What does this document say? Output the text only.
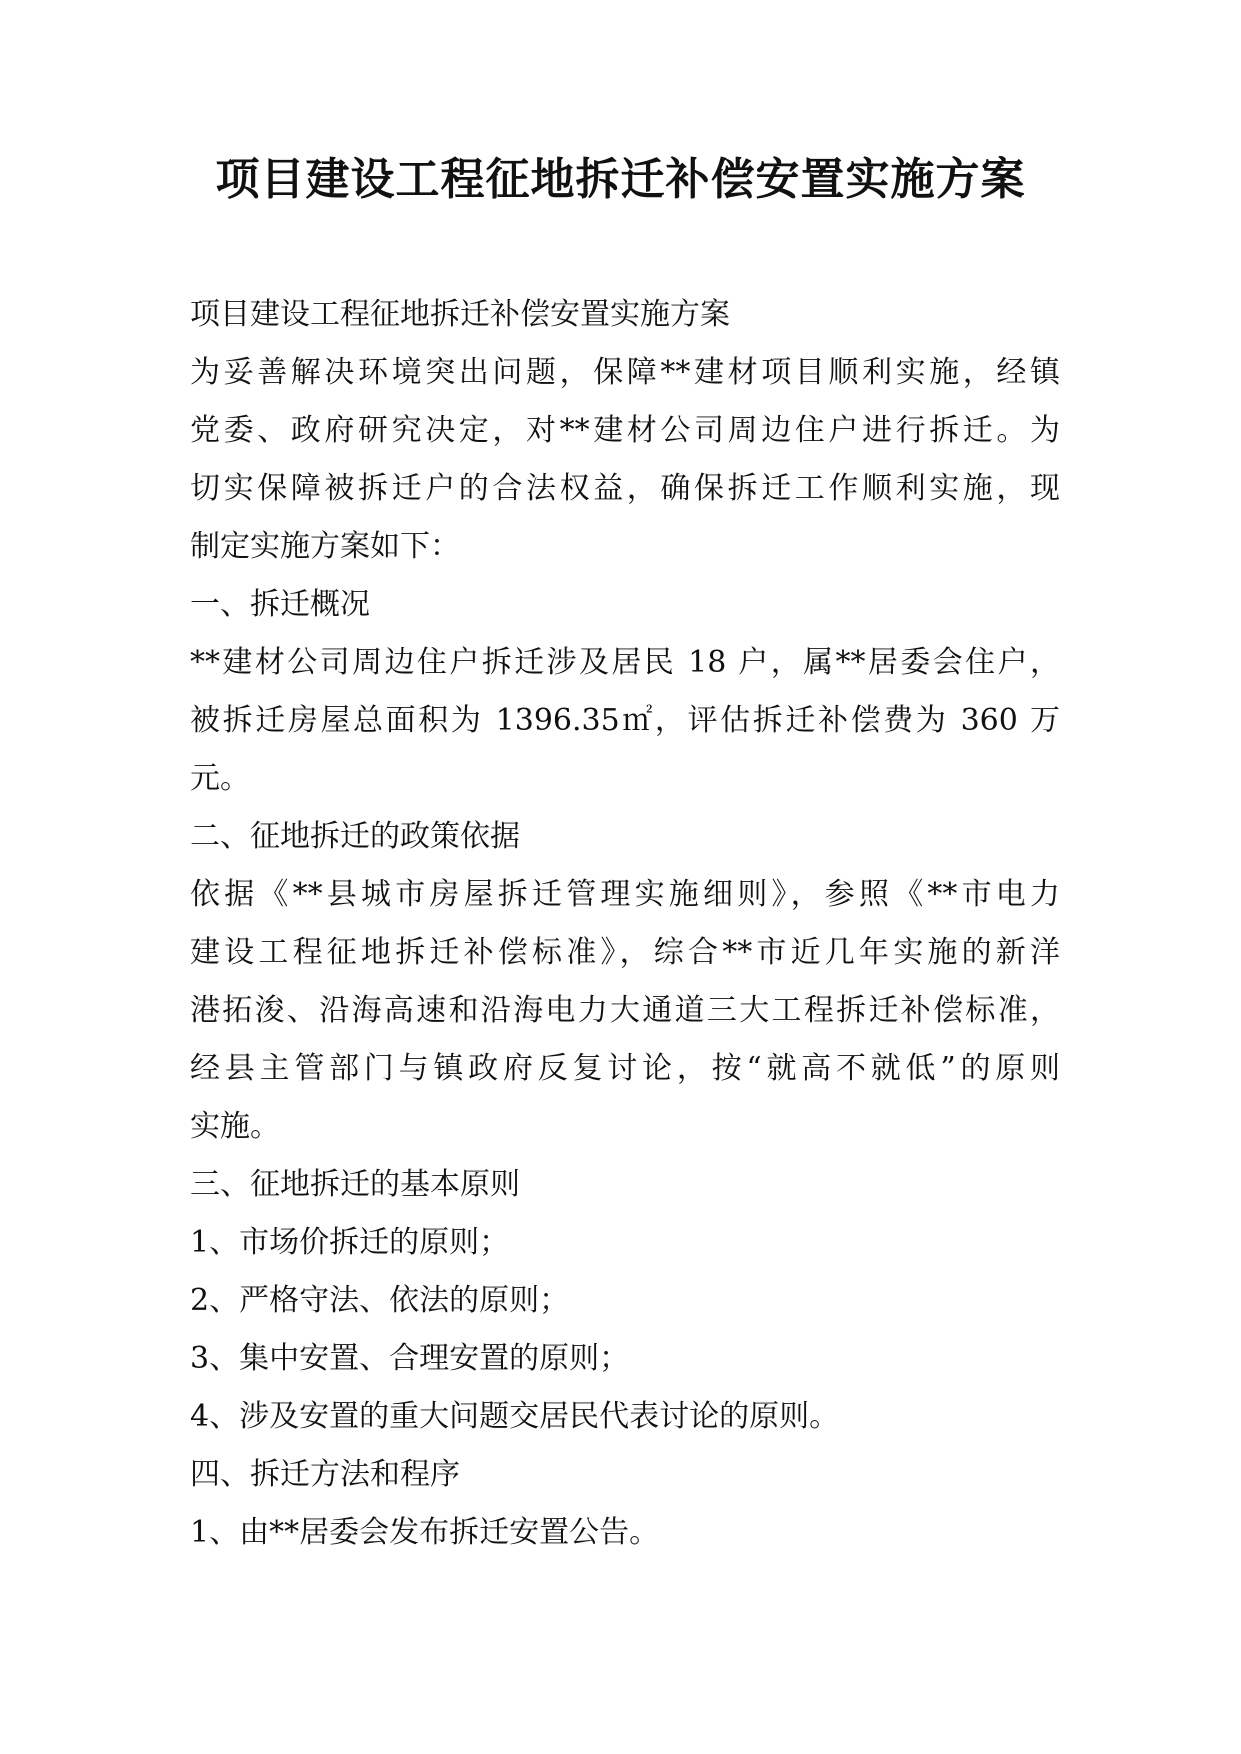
项目建设工程征地拆迁补偿安置实施方案
项目建设工程征地拆迁补偿安置实施方案
为妥善解决环境突出问题，保障**建材项目顺利实施，经镇
党委、政府研究决定，对**建材公司周边住户进行拆迁。为
切实保障被拆迁户的合法权益，确保拆迁工作顺利实施，现
制定实施方案如下：
一、拆迁概况
**建材公司周边住户拆迁涉及居民 18 户，属**居委会住户，
被拆迁房屋总面积为 1396.35㎡，评估拆迁补偿费为 360 万
元。
二、征地拆迁的政策依据
依据《**县城市房屋拆迁管理实施细则》，参照《**市电力
建设工程征地拆迁补偿标准》，综合**市近几年实施的新洋
港拓浚、沿海高速和沿海电力大通道三大工程拆迁补偿标准，
经县主管部门与镇政府反复讨论，按“就高不就低”的原则
实施。
三、征地拆迁的基本原则
1、市场价拆迁的原则；
2、严格守法、依法的原则；
3、集中安置、合理安置的原则；
4、涉及安置的重大问题交居民代表讨论的原则。
四、拆迁方法和程序
1、由**居委会发布拆迁安置公告。
